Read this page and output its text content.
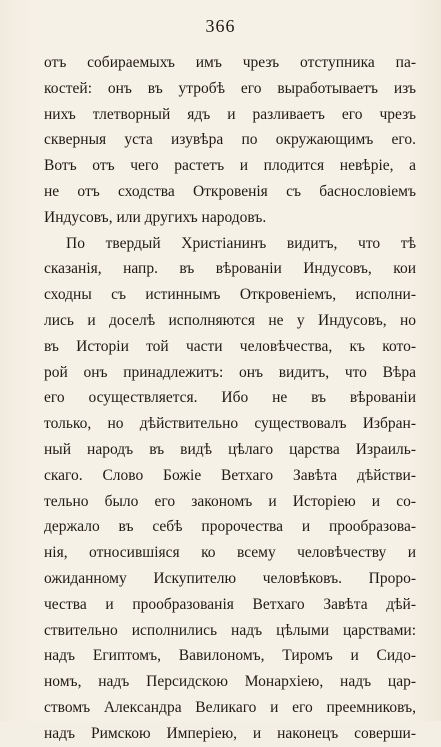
366
отъ собираемыхъ имъ чрезъ отступника па-
костей: онъ въ утробѣ его выработываетъ изъ
нихъ тлетворный ядъ и разливаетъ его чрезъ
скверныя уста изувѣра по окружающимъ его.
Вотъ отъ чего растетъ и плодится невѣріе, а
не отъ сходства Откровенія съ баснословіемъ
Индусовъ, или другихъ народовъ.
По твердый Христіанинъ видитъ, что тѣ
сказанія, напр. въ вѣрованіи Индусовъ, кои
сходны съ истиннымъ Откровеніемъ, исполни-
лись и доселѣ исполняются не у Индусовъ, но
въ Исторіи той части человѣчества, къ кото-
рой онъ принадлежитъ: онъ видитъ, что Вѣра
его осуществляется. Ибо не въ вѣрованіи
только, но дѣйствительно существовалъ Избран-
ный народъ въ видѣ цѣлаго царства Израиль-
скаго. Слово Божіе Ветхаго Завѣта дѣйстви-
тельно было его закономъ и Исторіею и со-
держало въ себѣ пророчества и прообразова-
нія, относившіяся ко всему человѣчеству и
ожиданному Искупителю человѣковъ. Проро-
чества и прообразованія Ветхаго Завѣта дѣй-
ствительно исполнились надъ цѣлыми царствами:
надъ Египтомъ, Вавилономъ, Тиромъ и Сидо-
номъ, надъ Персидскою Монархіею, надъ цар-
ствомъ Александра Великаго и его преемниковъ,
надъ Римскою Имперіею, и наконецъ соверши-
